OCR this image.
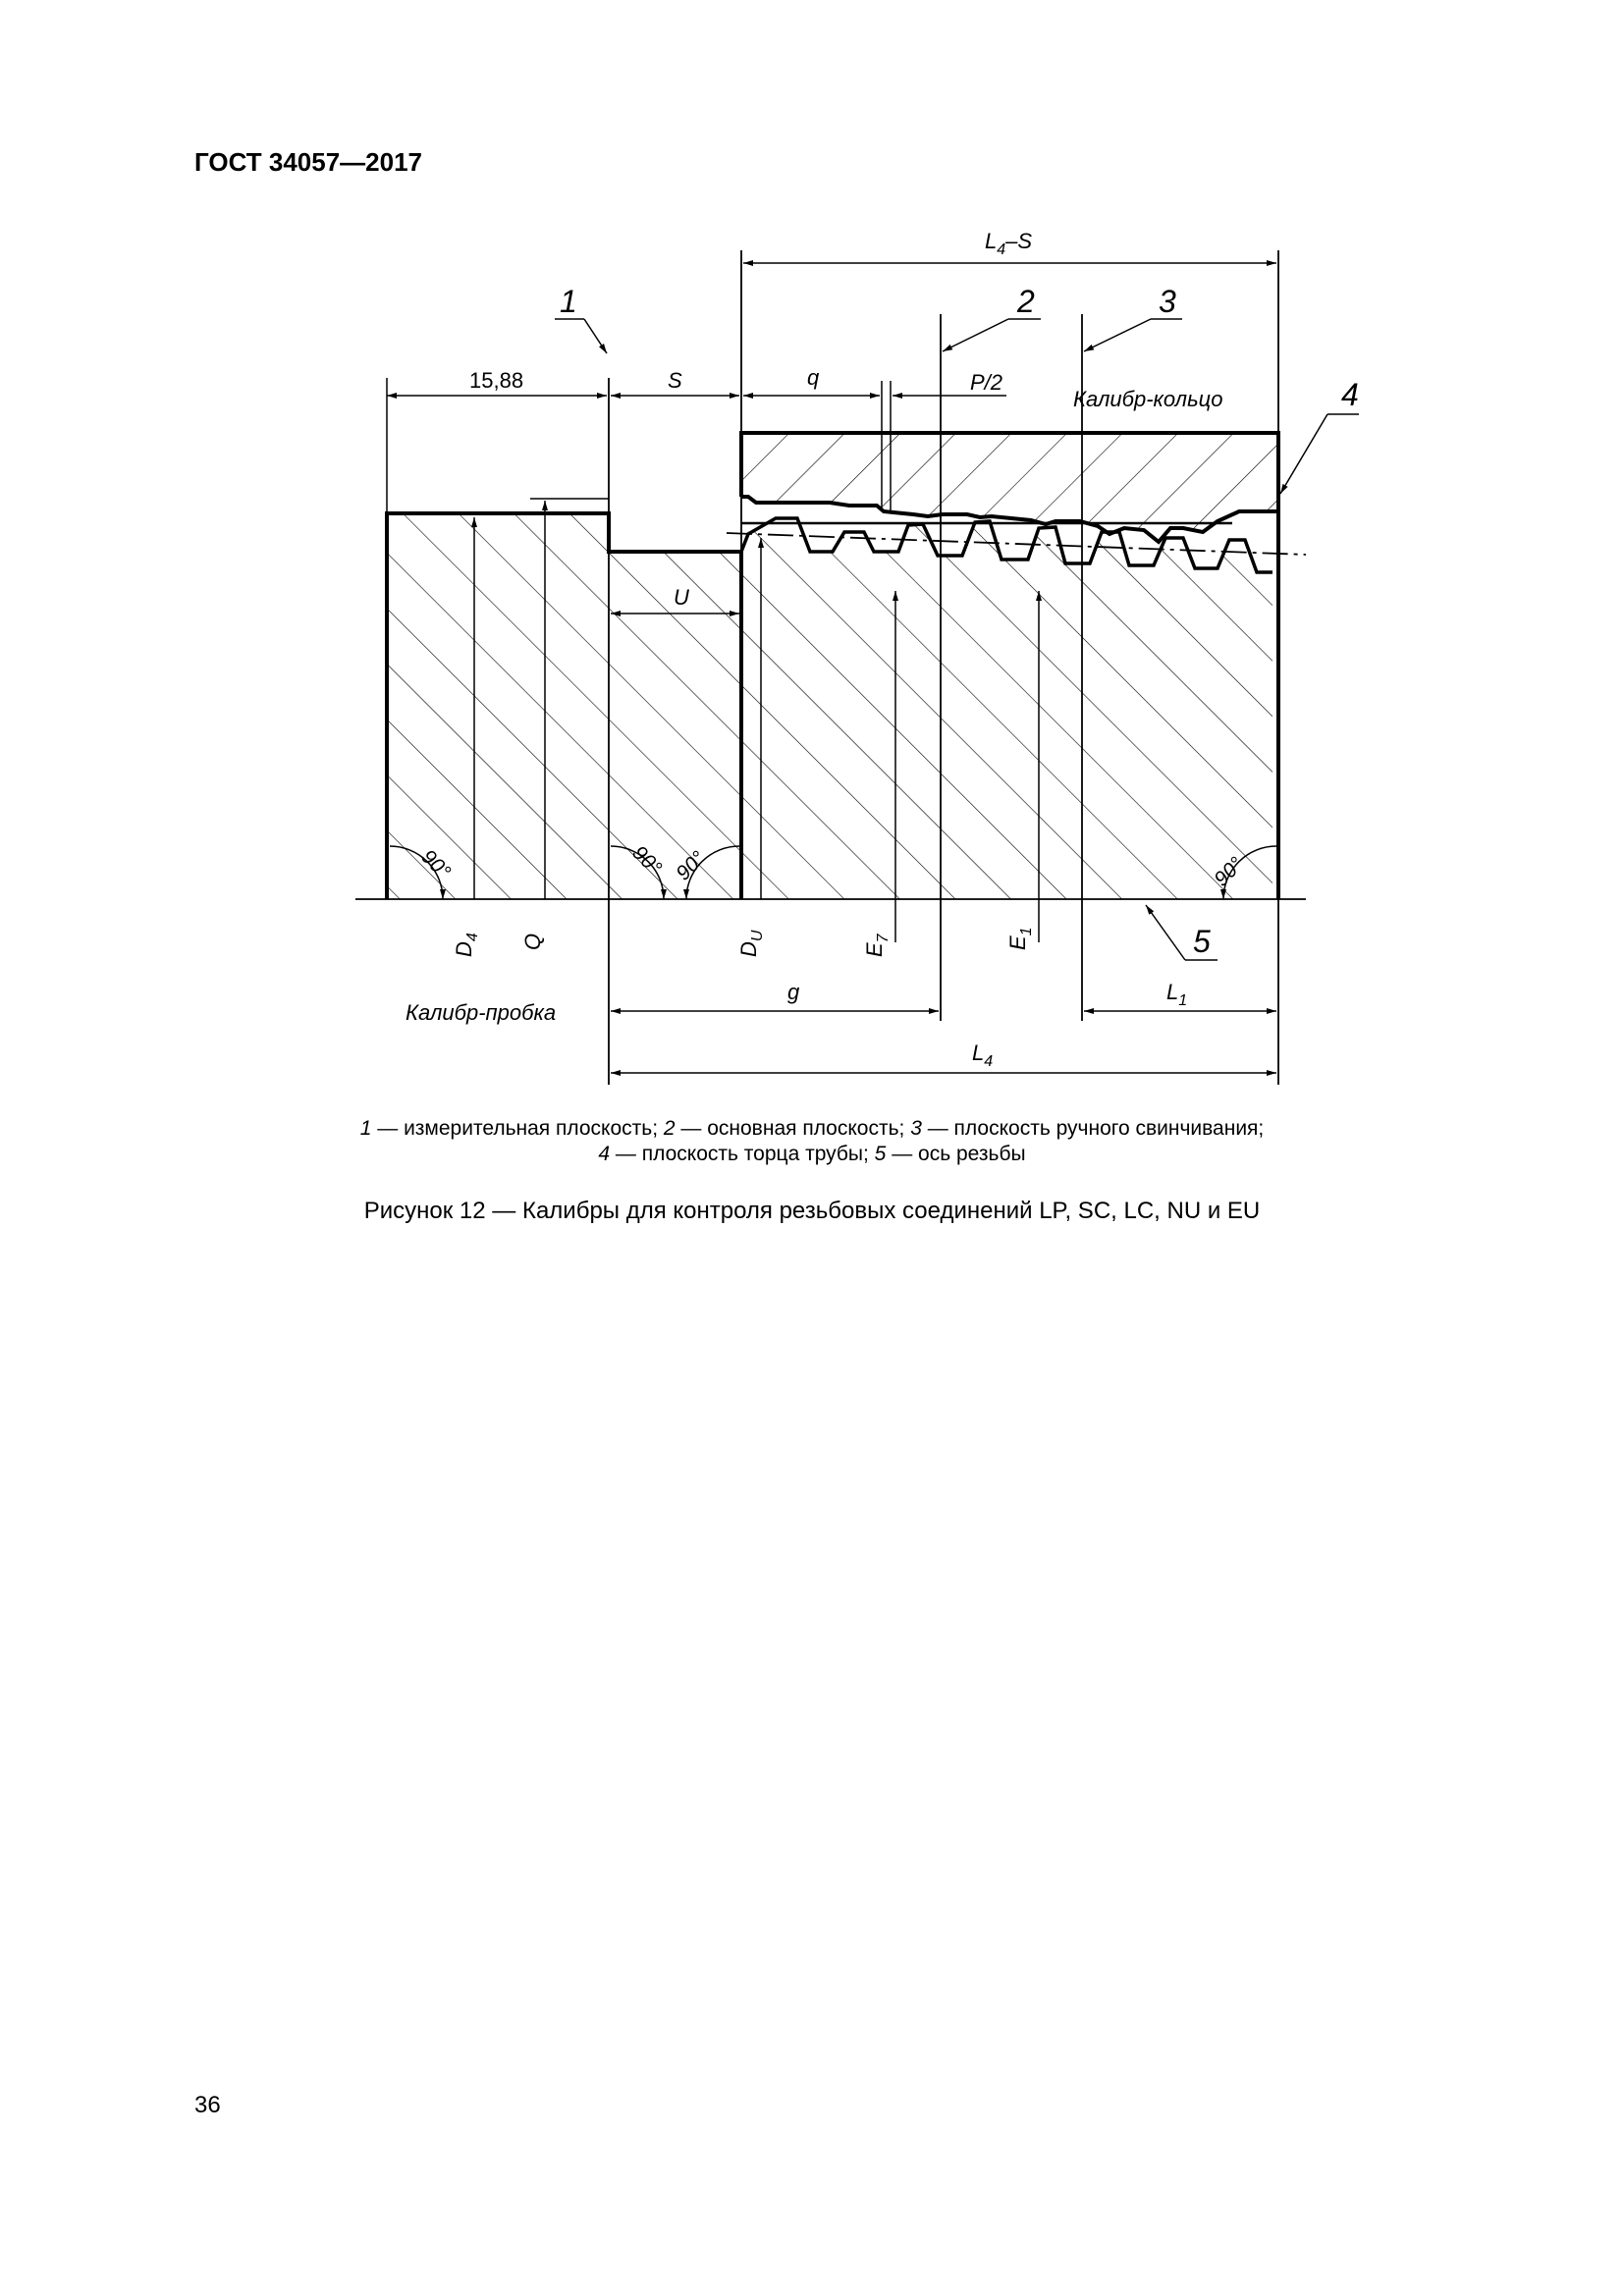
ГОСТ 34057—2017
$L_4-S$
15,88	S	q	P/2
Калибр-кольцо
U
1	2	3
4
5
$D_4$ Q	$D_U$
$E_7$	$E_1$
90°	90° 90°	90°
g	$L_1$
$L_4$
Калибр-пробка
1 — измерительная плоскость; 2 — основная плоскость; 3 — плоскость ручного свинчивания;
4 — плоскость торца трубы; 5 — ось резьбы
Рисунок 12 — Калибры для контроля резьбовых соединений LP, SC, LC, NU и EU
36
